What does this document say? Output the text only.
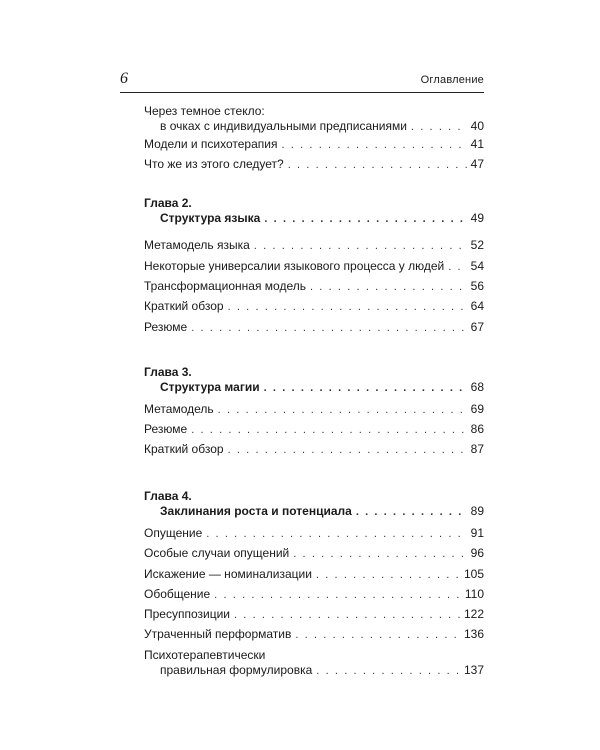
6	Оглавление
Через темное стекло:
в очках с индивидуальными предписаниями . . .	40
Модели и психотерапия . . .	41
Что же из этого следует? . . .	47
Глава 2.
Структура языка . . .	49
Метамодель языка . . .	52
Некоторые универсалии языкового процесса у людей . . . 54
Трансформационная модель . . .	56
Краткий обзор . . .	64
Резюме . . .	67
Глава 3.
Структура магии . . .	68
Метамодель . . .	69
Резюме . . .	86
Краткий обзор . . .	87
Глава 4.
Заклинания роста и потенциала . . .	89
Опущение . . .	91
Особые случаи опущений . . .	96
Искажение — номинализации . . .	105
Обобщение . . .	110
Пресуппозиции . . .	122
Утраченный перформатив . . .	136
Психотерапевтически
правильная формулировка . . .	137
